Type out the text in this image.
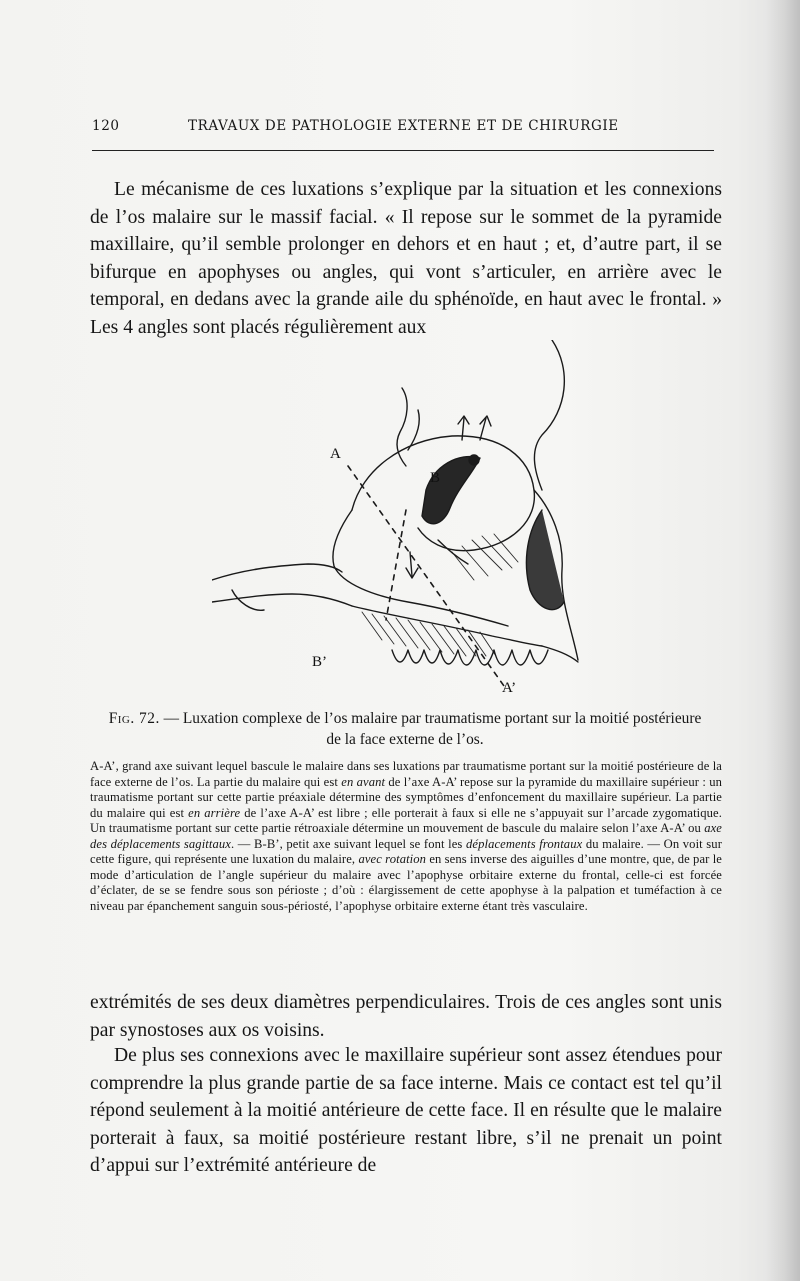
120	TRAVAUX DE PATHOLOGIE EXTERNE ET DE CHIRURGIE

Le mécanisme de ces luxations s’explique par la situation et les connexions de l’os malaire sur le massif facial. « Il repose sur le sommet de la pyramide maxillaire, qu’il semble prolonger en dehors et en haut ; et, d’autre part, il se bifurque en apophyses ou angles, qui vont s’articuler, en arrière avec le temporal, en dedans avec la grande aile du sphénoïde, en haut avec le frontal. » Les 4 angles sont placés régulièrement aux

A
B
B’
A’
Fig. 72. — Luxation complexe de l’os malaire par traumatisme portant sur la moitié postérieure de la face externe de l’os.
A-A’, grand axe suivant lequel bascule le malaire dans ses luxations par traumatisme portant sur la moitié postérieure de la face externe de l’os. La partie du malaire qui est en avant de l’axe A-A’ repose sur la pyramide du maxillaire supérieur : un traumatisme portant sur cette partie préaxiale détermine des symptômes d’enfoncement du maxillaire supérieur. La partie du malaire qui est en arrière de l’axe A-A’ est libre ; elle porterait à faux si elle ne s’appuyait sur l’arcade zygomatique. Un traumatisme portant sur cette partie rétroaxiale détermine un mouvement de bascule du malaire selon l’axe A-A’ ou axe des déplacements sagittaux. — B-B’, petit axe suivant lequel se font les déplacements frontaux du malaire. — On voit sur cette figure, qui représente une luxation du malaire, avec rotation en sens inverse des aiguilles d’une montre, que, de par le mode d’articulation de l’angle supérieur du malaire avec l’apophyse orbitaire externe du frontal, celle-ci est forcée d’éclater, de se se fendre sous son périoste ; d’où : élargissement de cette apophyse à la palpation et tuméfaction à ce niveau par épanchement sanguin sous-périosté, l’apophyse orbitaire externe étant très vasculaire.

extrémités de ses deux diamètres perpendiculaires. Trois de ces angles sont unis par synostoses aux os voisins.

De plus ses connexions avec le maxillaire supérieur sont assez étendues pour comprendre la plus grande partie de sa face interne. Mais ce contact est tel qu’il répond seulement à la moitié antérieure de cette face. Il en résulte que le malaire porterait à faux, sa moitié postérieure restant libre, s’il ne prenait un point d’appui sur l’extrémité antérieure de
